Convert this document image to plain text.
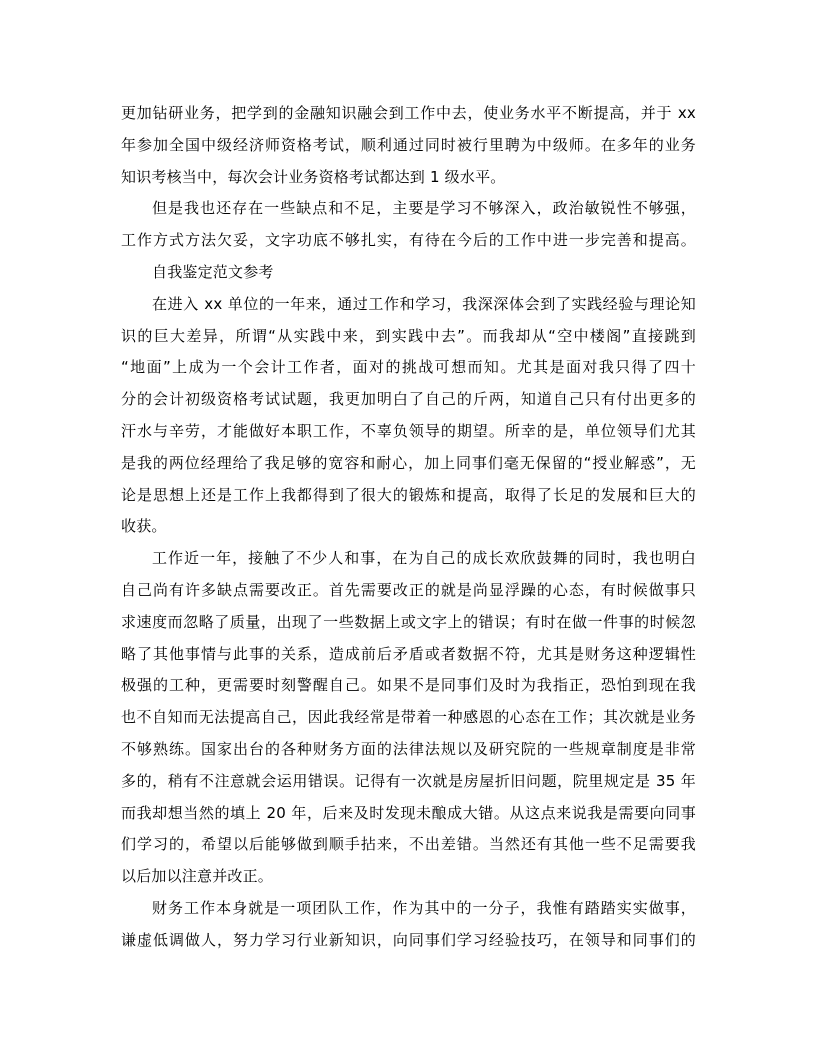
更加钻研业务，把学到的金融知识融会到工作中去，使业务水平不断提高，并于 xx
年参加全国中级经济师资格考试，顺利通过同时被行里聘为中级师。在多年的业务
知识考核当中，每次会计业务资格考试都达到 1 级水平。
但是我也还存在一些缺点和不足，主要是学习不够深入，政治敏锐性不够强，
工作方式方法欠妥，文字功底不够扎实，有待在今后的工作中进一步完善和提高。
自我鉴定范文参考
在进入 xx 单位的一年来，通过工作和学习，我深深体会到了实践经验与理论知
识的巨大差异，所谓“从实践中来，到实践中去”。而我却从“空中楼阁”直接跳到
“地面”上成为一个会计工作者，面对的挑战可想而知。尤其是面对我只得了四十
分的会计初级资格考试试题，我更加明白了自己的斤两，知道自己只有付出更多的
汗水与辛劳，才能做好本职工作，不辜负领导的期望。所幸的是，单位领导们尤其
是我的两位经理给了我足够的宽容和耐心，加上同事们毫无保留的“授业解惑”，无
论是思想上还是工作上我都得到了很大的锻炼和提高，取得了长足的发展和巨大的
收获。
工作近一年，接触了不少人和事，在为自己的成长欢欣鼓舞的同时，我也明白
自己尚有许多缺点需要改正。首先需要改正的就是尚显浮躁的心态，有时候做事只
求速度而忽略了质量，出现了一些数据上或文字上的错误；有时在做一件事的时候忽
略了其他事情与此事的关系，造成前后矛盾或者数据不符，尤其是财务这种逻辑性
极强的工种，更需要时刻警醒自己。如果不是同事们及时为我指正，恐怕到现在我
也不自知而无法提高自己，因此我经常是带着一种感恩的心态在工作；其次就是业务
不够熟练。国家出台的各种财务方面的法律法规以及研究院的一些规章制度是非常
多的，稍有不注意就会运用错误。记得有一次就是房屋折旧问题，院里规定是 35 年
而我却想当然的填上 20 年，后来及时发现未酿成大错。从这点来说我是需要向同事
们学习的，希望以后能够做到顺手拈来，不出差错。当然还有其他一些不足需要我
以后加以注意并改正。
财务工作本身就是一项团队工作，作为其中的一分子，我惟有踏踏实实做事，
谦虚低调做人，努力学习行业新知识，向同事们学习经验技巧，在领导和同事们的
